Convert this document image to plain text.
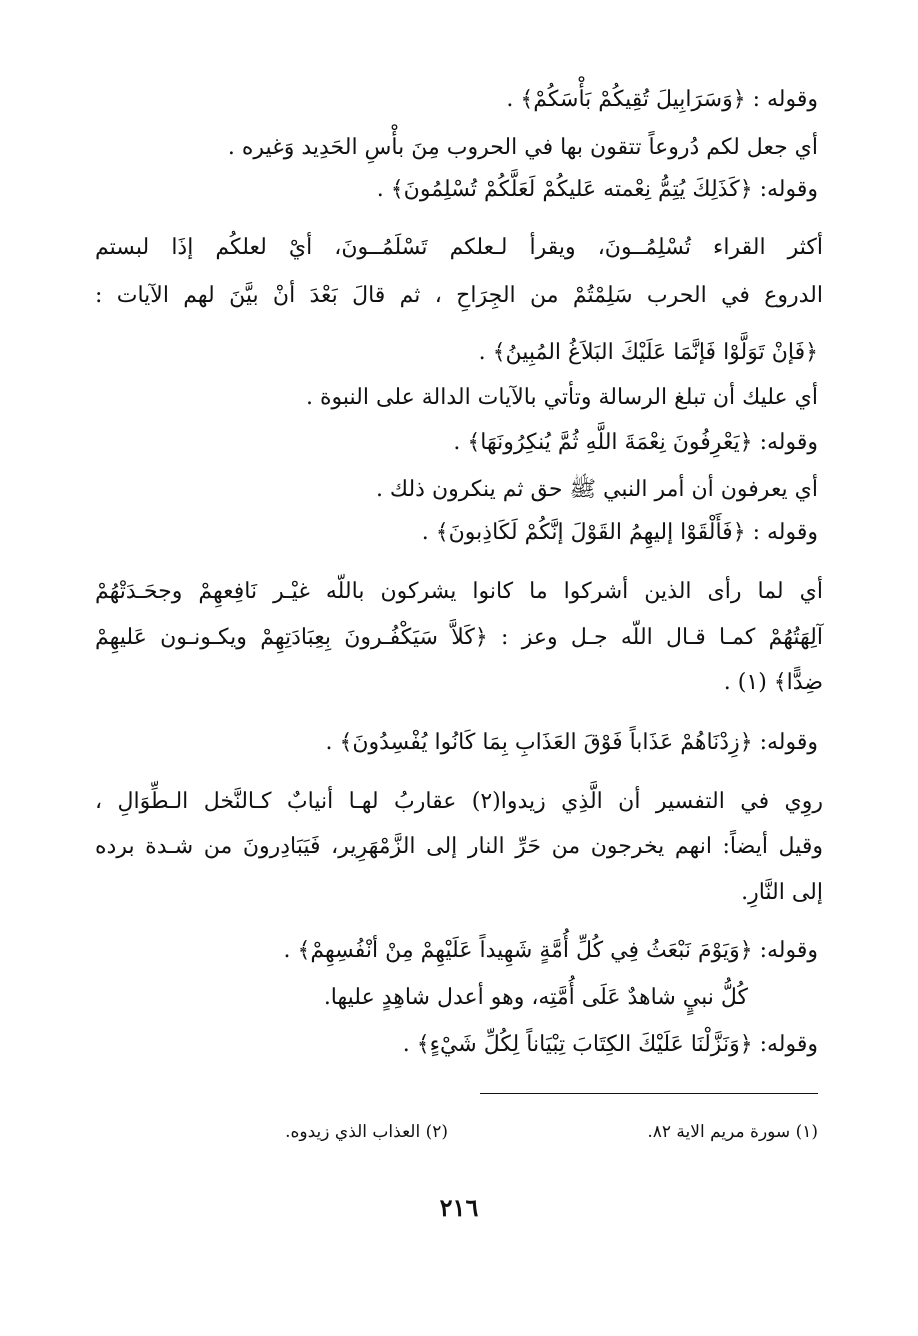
وقوله : ﴿وَسَرَابِيلَ تُقِيكُمْ بَأْسَكُمْ﴾ .
أي جعل لكم دُروعاً تتقون بها في الحروب مِنَ بأْسِ الحَدِيد وَغيره .
وقوله: ﴿كَذَلِكَ يُتِمُّ نِعْمته عَليكُمْ لَعَلَّكُمْ تُسْلِمُونَ﴾ .
أكثر القراء تُسْلِمُــونَ، ويقرأ لـعلكم تَسْلَمُــونَ، أيْ لعلكُم إذَا لبستم
الدروع في الحرب سَلِمْتُمْ من الجِرَاحِ ، ثم قالَ بَعْدَ أنْ بيَّنَ لهم الآيات :
﴿فَإنْ تَوَلَّوْا فَإنَّمَا عَلَيْكَ البَلاَغُ المُبِينُ﴾ .
أي عليك أن تبلغ الرسالة وتأتي بالآيات الدالة على النبوة .
وقوله: ﴿يَعْرِفُونَ نِعْمَةَ اللَّهِ ثُمَّ يُنكِرُونَهَا﴾ .
أي يعرفون أن أمر النبي ﷺ حق ثم ينكرون ذلك .
وقوله : ﴿فَأَلْقَوْا إليهِمُ القَوْلَ إنَّكُمْ لَكَاذِبونَ﴾ .
أي لما رأى الذين أشركوا ما كانوا يشركون باللّه غيْـر نَافِعهِمْ وجحَـدَتْهُمْ
آلِهَتُهُمْ كمـا قـال اللّه جـل وعز : ﴿كَلاَّ سَيَكْفُـرونَ بِعِبَادَتِهِمْ ويكـونـون عَليهِمْ
ضِدًّا﴾ (١) .
وقوله: ﴿زِدْنَاهُمْ عَذَاباً فَوْقَ العَذَابِ بِمَا كَانُوا يُفْسِدُونَ﴾ .
روِي في التفسير أن الَّذِي زيدوا(٢) عقاربُ لهـا أنيابٌ كـالنَّخل الـطِّوَالِ ،
وقيل أيضاً: انهم يخرجون من حَرِّ النار إلى الزَّمْهَرِير، فَيَبَادِرونَ من شـدة برده
إلى النَّارِ.
وقوله: ﴿وَيَوْمَ نَبْعَثُ فِي كُلِّ أُمَّةٍ شَهِيداً عَلَيْهِمْ مِنْ أنْفُسِهِمْ﴾ .
كُلُّ نبيٍ شاهدٌ عَلَى أُمَّتِه، وهو أعدل شاهِدٍ عليها.
وقوله: ﴿وَنَزَّلْنَا عَلَيْكَ الكِتَابَ تِبْيَاناً لِكُلِّ شَيْءٍ﴾ .
(١) سورة مريم الاية ٨٢.
(٢) العذاب الذي زيدوه.
٢١٦
